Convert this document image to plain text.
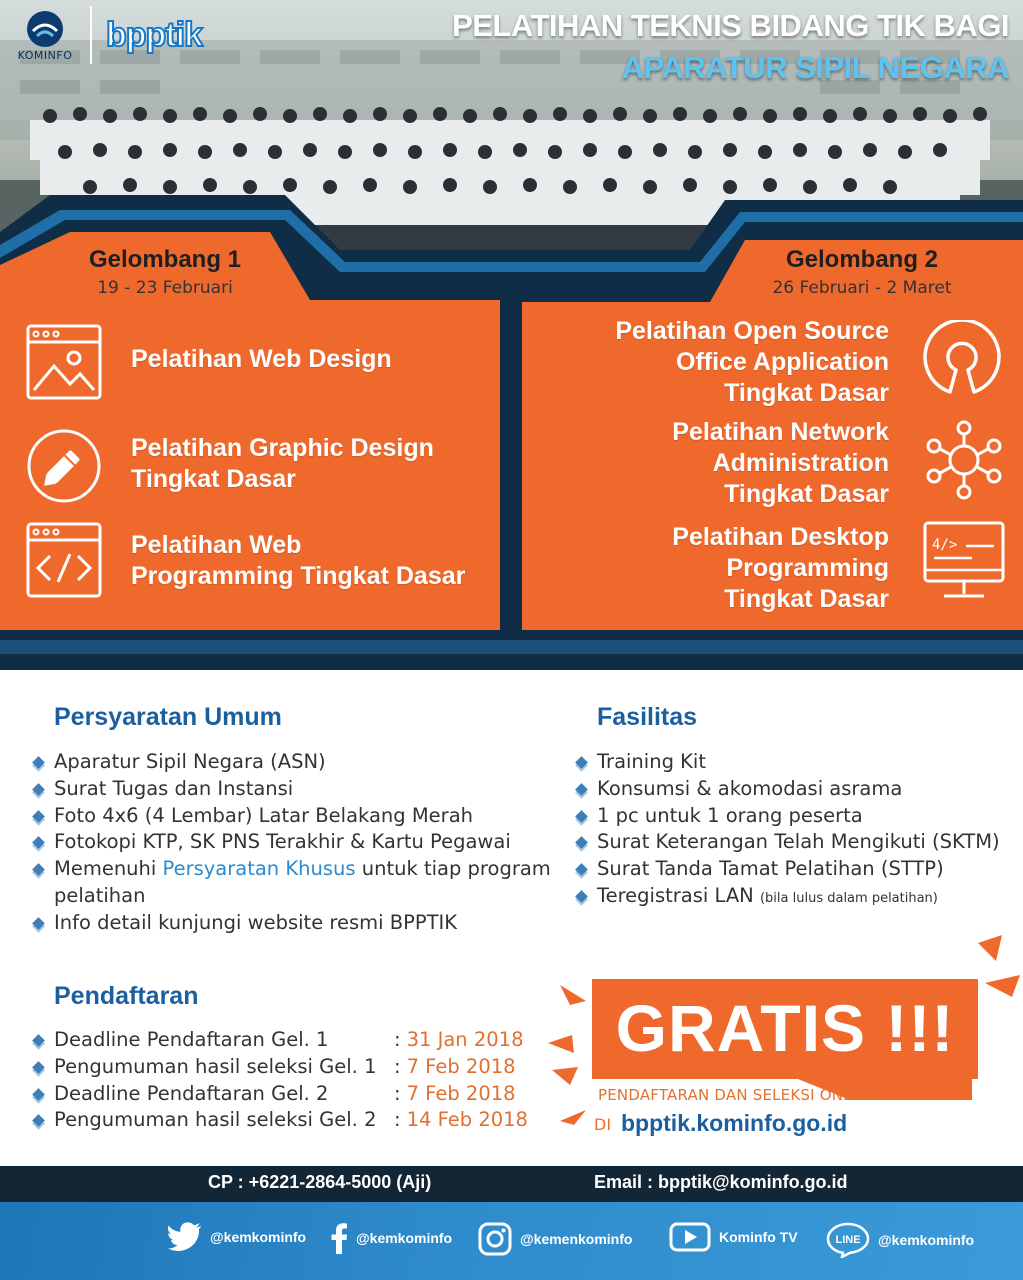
KOMINFO
bpptik	PELATIHAN TEKNIS BIDANG TIK BAGI
APARATUR SIPIL NEGARA
Gelombang 1
19 - 23 Februari
Pelatihan Web Design
Pelatihan Graphic Design
Tingkat Dasar
Pelatihan Web
Programming Tingkat Dasar
Gelombang 2
26 Februari - 2 Maret
Pelatihan Open Source
Office Application
Tingkat Dasar
Pelatihan Network
Administration
Tingkat Dasar
Pelatihan Desktop
Programming
Tingkat Dasar
4/>
Persyaratan Umum
Aparatur Sipil Negara (ASN)
Surat Tugas dan Instansi
Foto 4x6 (4 Lembar) Latar Belakang Merah
Fotokopi KTP, SK PNS Terakhir & Kartu Pegawai
Memenuhi Persyaratan Khusus untuk tiap program
pelatihan
Info detail kunjungi website resmi BPPTIK
Fasilitas
Training Kit
Konsumsi & akomodasi asrama
1 pc untuk 1 orang peserta
Surat Keterangan Telah Mengikuti (SKTM)
Surat Tanda Tamat Pelatihan (STTP)
Teregistrasi LAN (bila lulus dalam pelatihan)
Pendaftaran
Deadline Pendaftaran Gel. 1	: 31 Jan 2018
Pengumuman hasil seleksi Gel. 1 : 7 Feb 2018
Deadline Pendaftaran Gel. 2	: 7 Feb 2018
Pengumuman hasil seleksi Gel. 2 : 14 Feb 2018
GRATIS !!!
PENDAFTARAN DAN SELEKSI ONLINE
DI bpptik.kominfo.go.id
CP : +6221-2864-5000 (Aji)	Email : bpptik@kominfo.go.id
@kemkominfo	@kemkominfo	@kemenkominfo	Kominfo TV	LINE @kemkominfo
